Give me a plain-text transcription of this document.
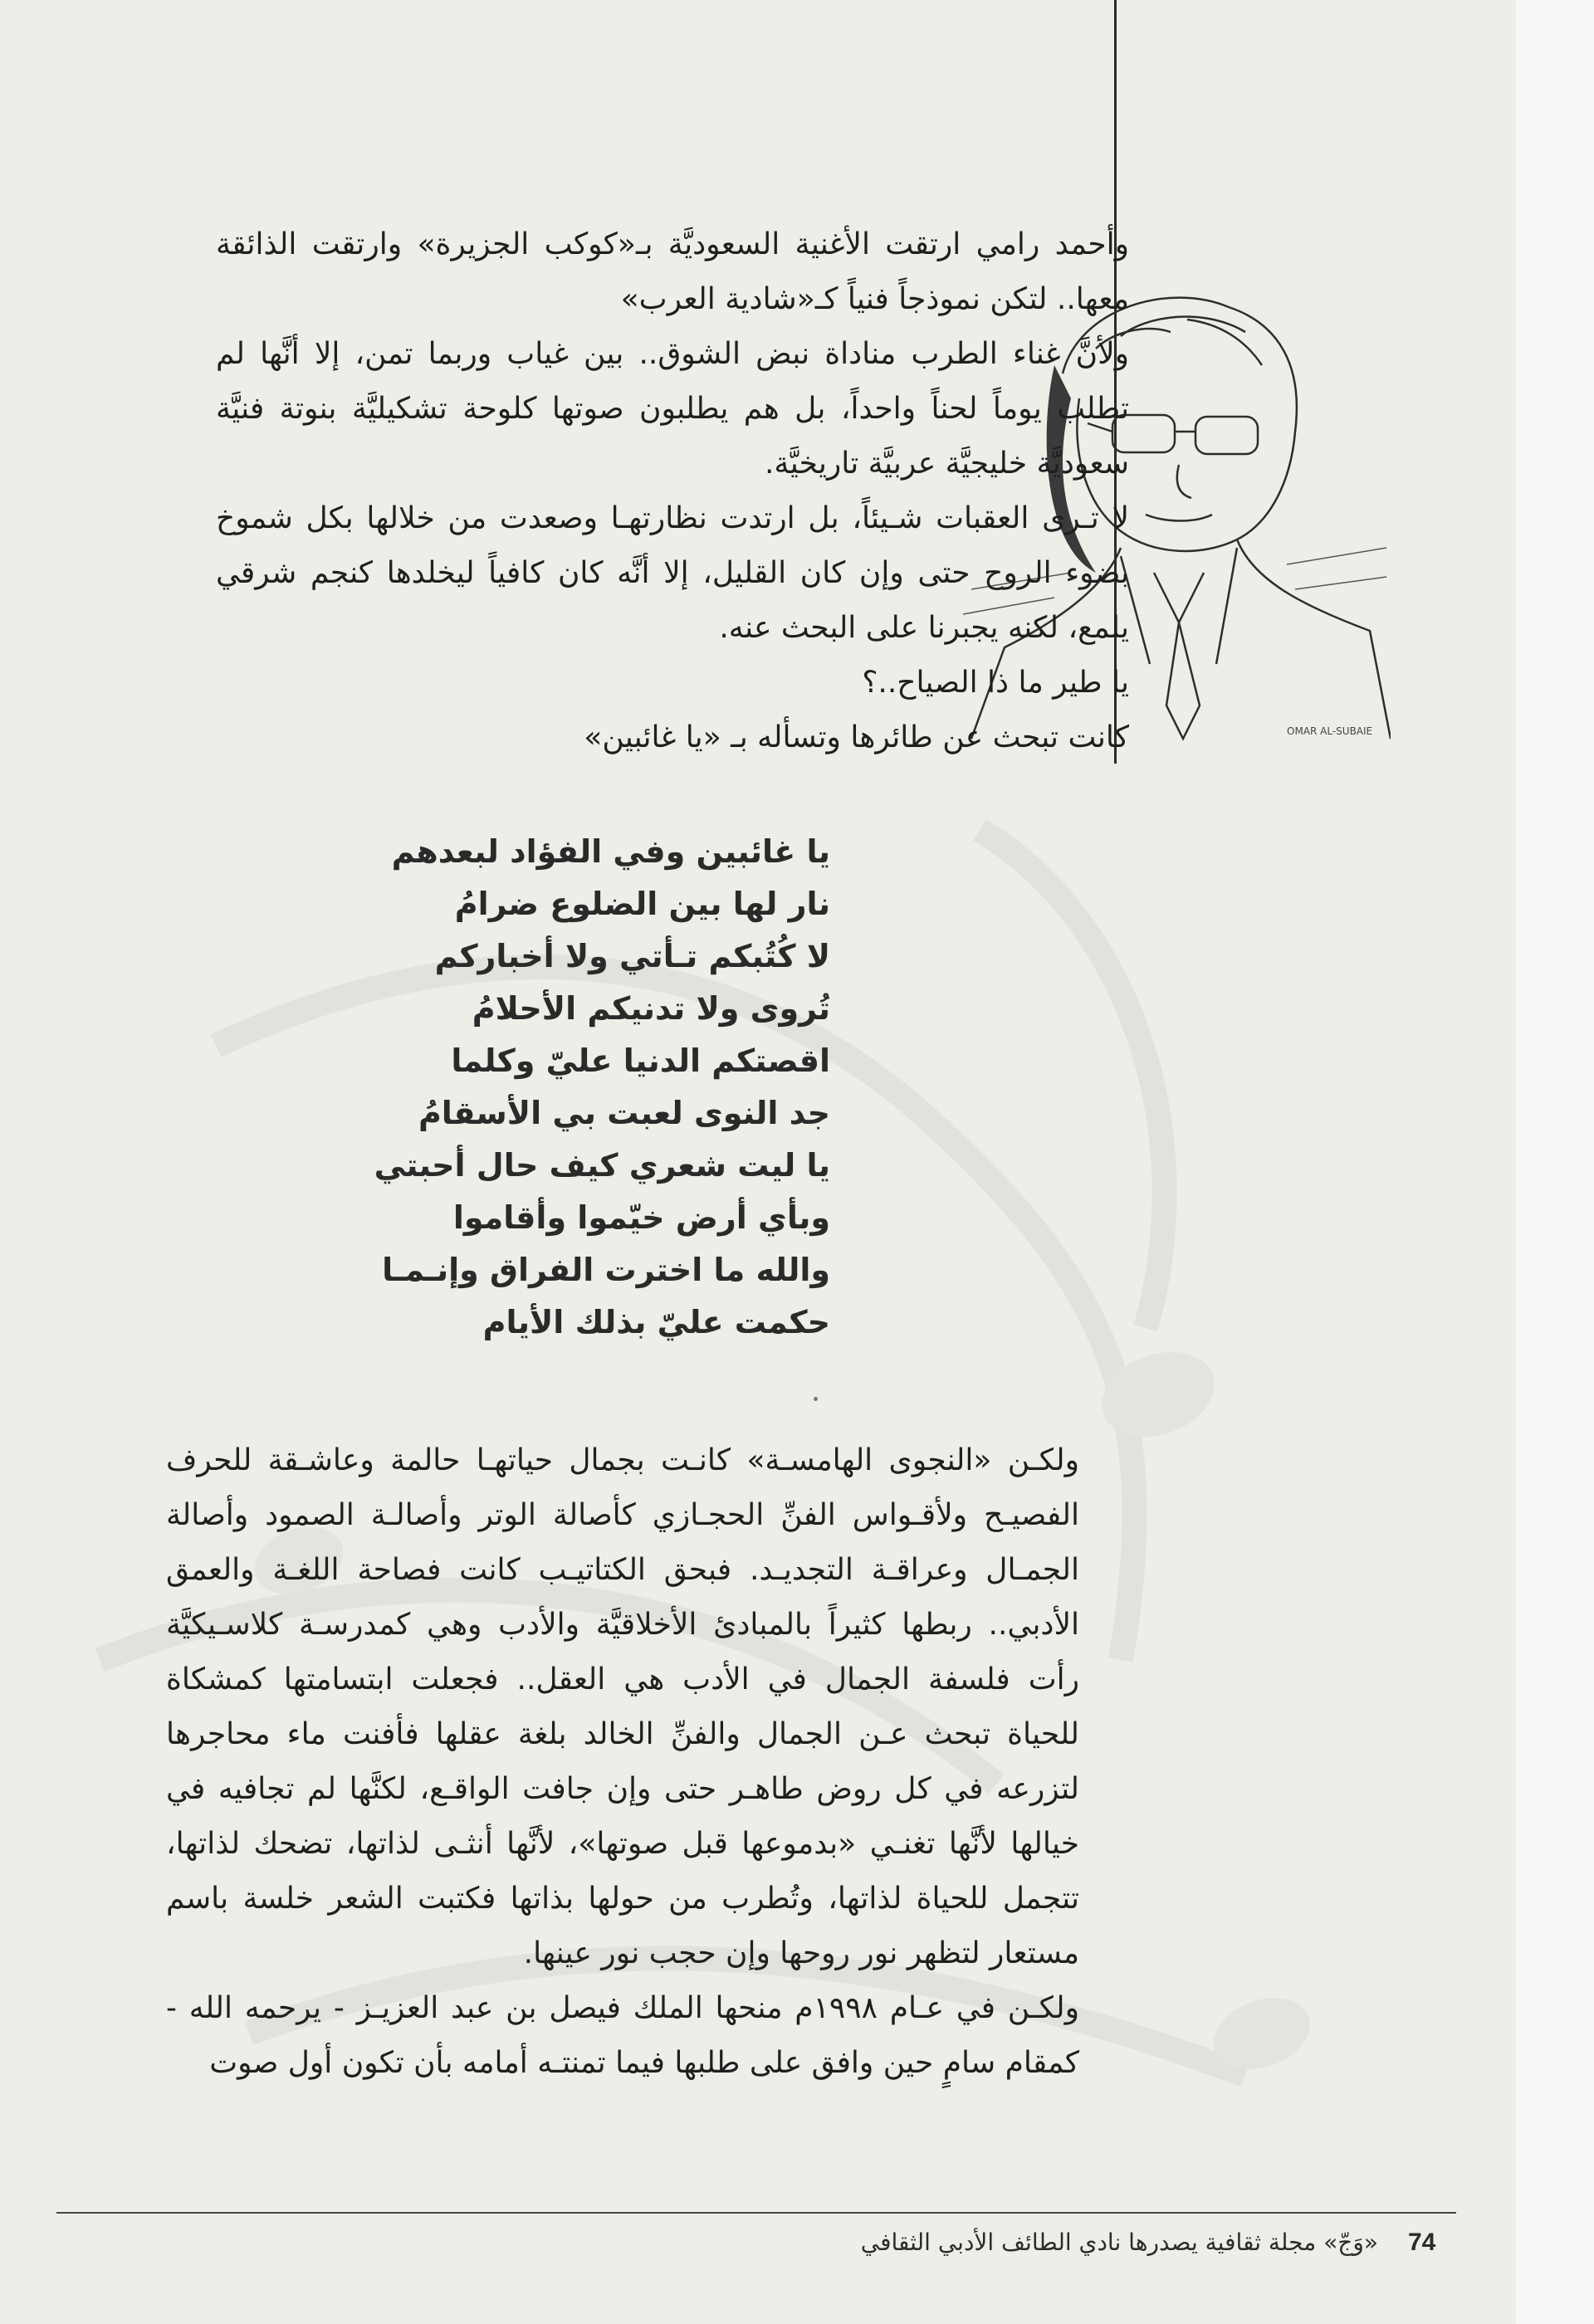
OMAR AL-SUBAIE

وأحمد رامي ارتقت الأغنية السعوديَّة بـ«كوكب الجزيرة» وارتقت الذائقة معها.. لتكن نموذجاً فنياً كـ«شادية العرب»

ولأنَّ غناء الطرب مناداة نبض الشوق.. بين غياب وربما تمن، إلا أنَّها لم تطلب يوماً لحناً واحداً، بل هم يطلبون صوتها كلوحة تشكيليَّة بنوتة فنيَّة سعوديَّة خليجيَّة عربيَّة تاريخيَّة.

لا تـرى العقبات شـيئاً، بل ارتدت نظارتهـا وصعدت من خلالها بكل شموخ بضوء الروح حتى وإن كان القليل، إلا أنَّه كان كافياً ليخلدها كنجم شرقي يلمع، لكنه يجبرنا على البحث عنه.

يا طير ما ذا الصياح..؟

كانت تبحث عن طائرها وتسأله بـ «يا غائبين»

يا غائبين وفي الفؤاد لبعدهم
نار لها بين الضلوع ضرامُ
لا كُتُبكم تـأتي ولا أخباركم
تُروى ولا تدنيكم الأحلامُ
اقصتكم الدنيا عليّ وكلما
جد النوى لعبت بي الأسقامُ
يا ليت شعري كيف حال أحبتي
وبأي أرض خيّموا وأقاموا
والله ما اخترت الفراق وإنـمـا
حكمت عليّ بذلك الأيام

ولكـن «النجوى الهامسـة» كانـت بجمال حياتهـا حالمة وعاشـقة للحرف الفصيـح ولأقـواس الفنِّ الحجـازي كأصالة الوتر وأصالـة الصمود وأصالة الجمـال وعراقـة التجديـد. فبحق الكتاتيـب كانت فصاحة اللغـة والعمق الأدبي.. ربطها كثيراً بالمبادئ الأخلاقيَّة والأدب وهي كمدرسـة كلاسـيكيَّة رأت فلسفة الجمال في الأدب هي العقل.. فجعلت ابتسامتها كمشكاة للحياة تبحث عـن الجمال والفنِّ الخالد بلغة عقلها فأفنت ماء محاجرها لتزرعه في كل روض طاهـر حتى وإن جافت الواقـع، لكنَّها لم تجافيه في خيالها لأنَّها تغنـي «بدموعها قبل صوتها»، لأنَّها أنثـى لذاتها، تضحك لذاتها، تتجمل للحياة لذاتها، وتُطرب من حولها بذاتها فكتبت الشعر خلسة باسم مستعار لتظهر نور روحها وإن حجب نور عينها.

ولكـن في عـام ١٩٩٨م منحها الملك فيصل بن عبد العزيـز - يرحمه الله - كمقام سامٍ حين وافق على طلبها فيما تمنتـه أمامه بأن تكون أول صوت

74
«وَجّ» مجلة ثقافية يصدرها نادي الطائف الأدبي الثقافي
